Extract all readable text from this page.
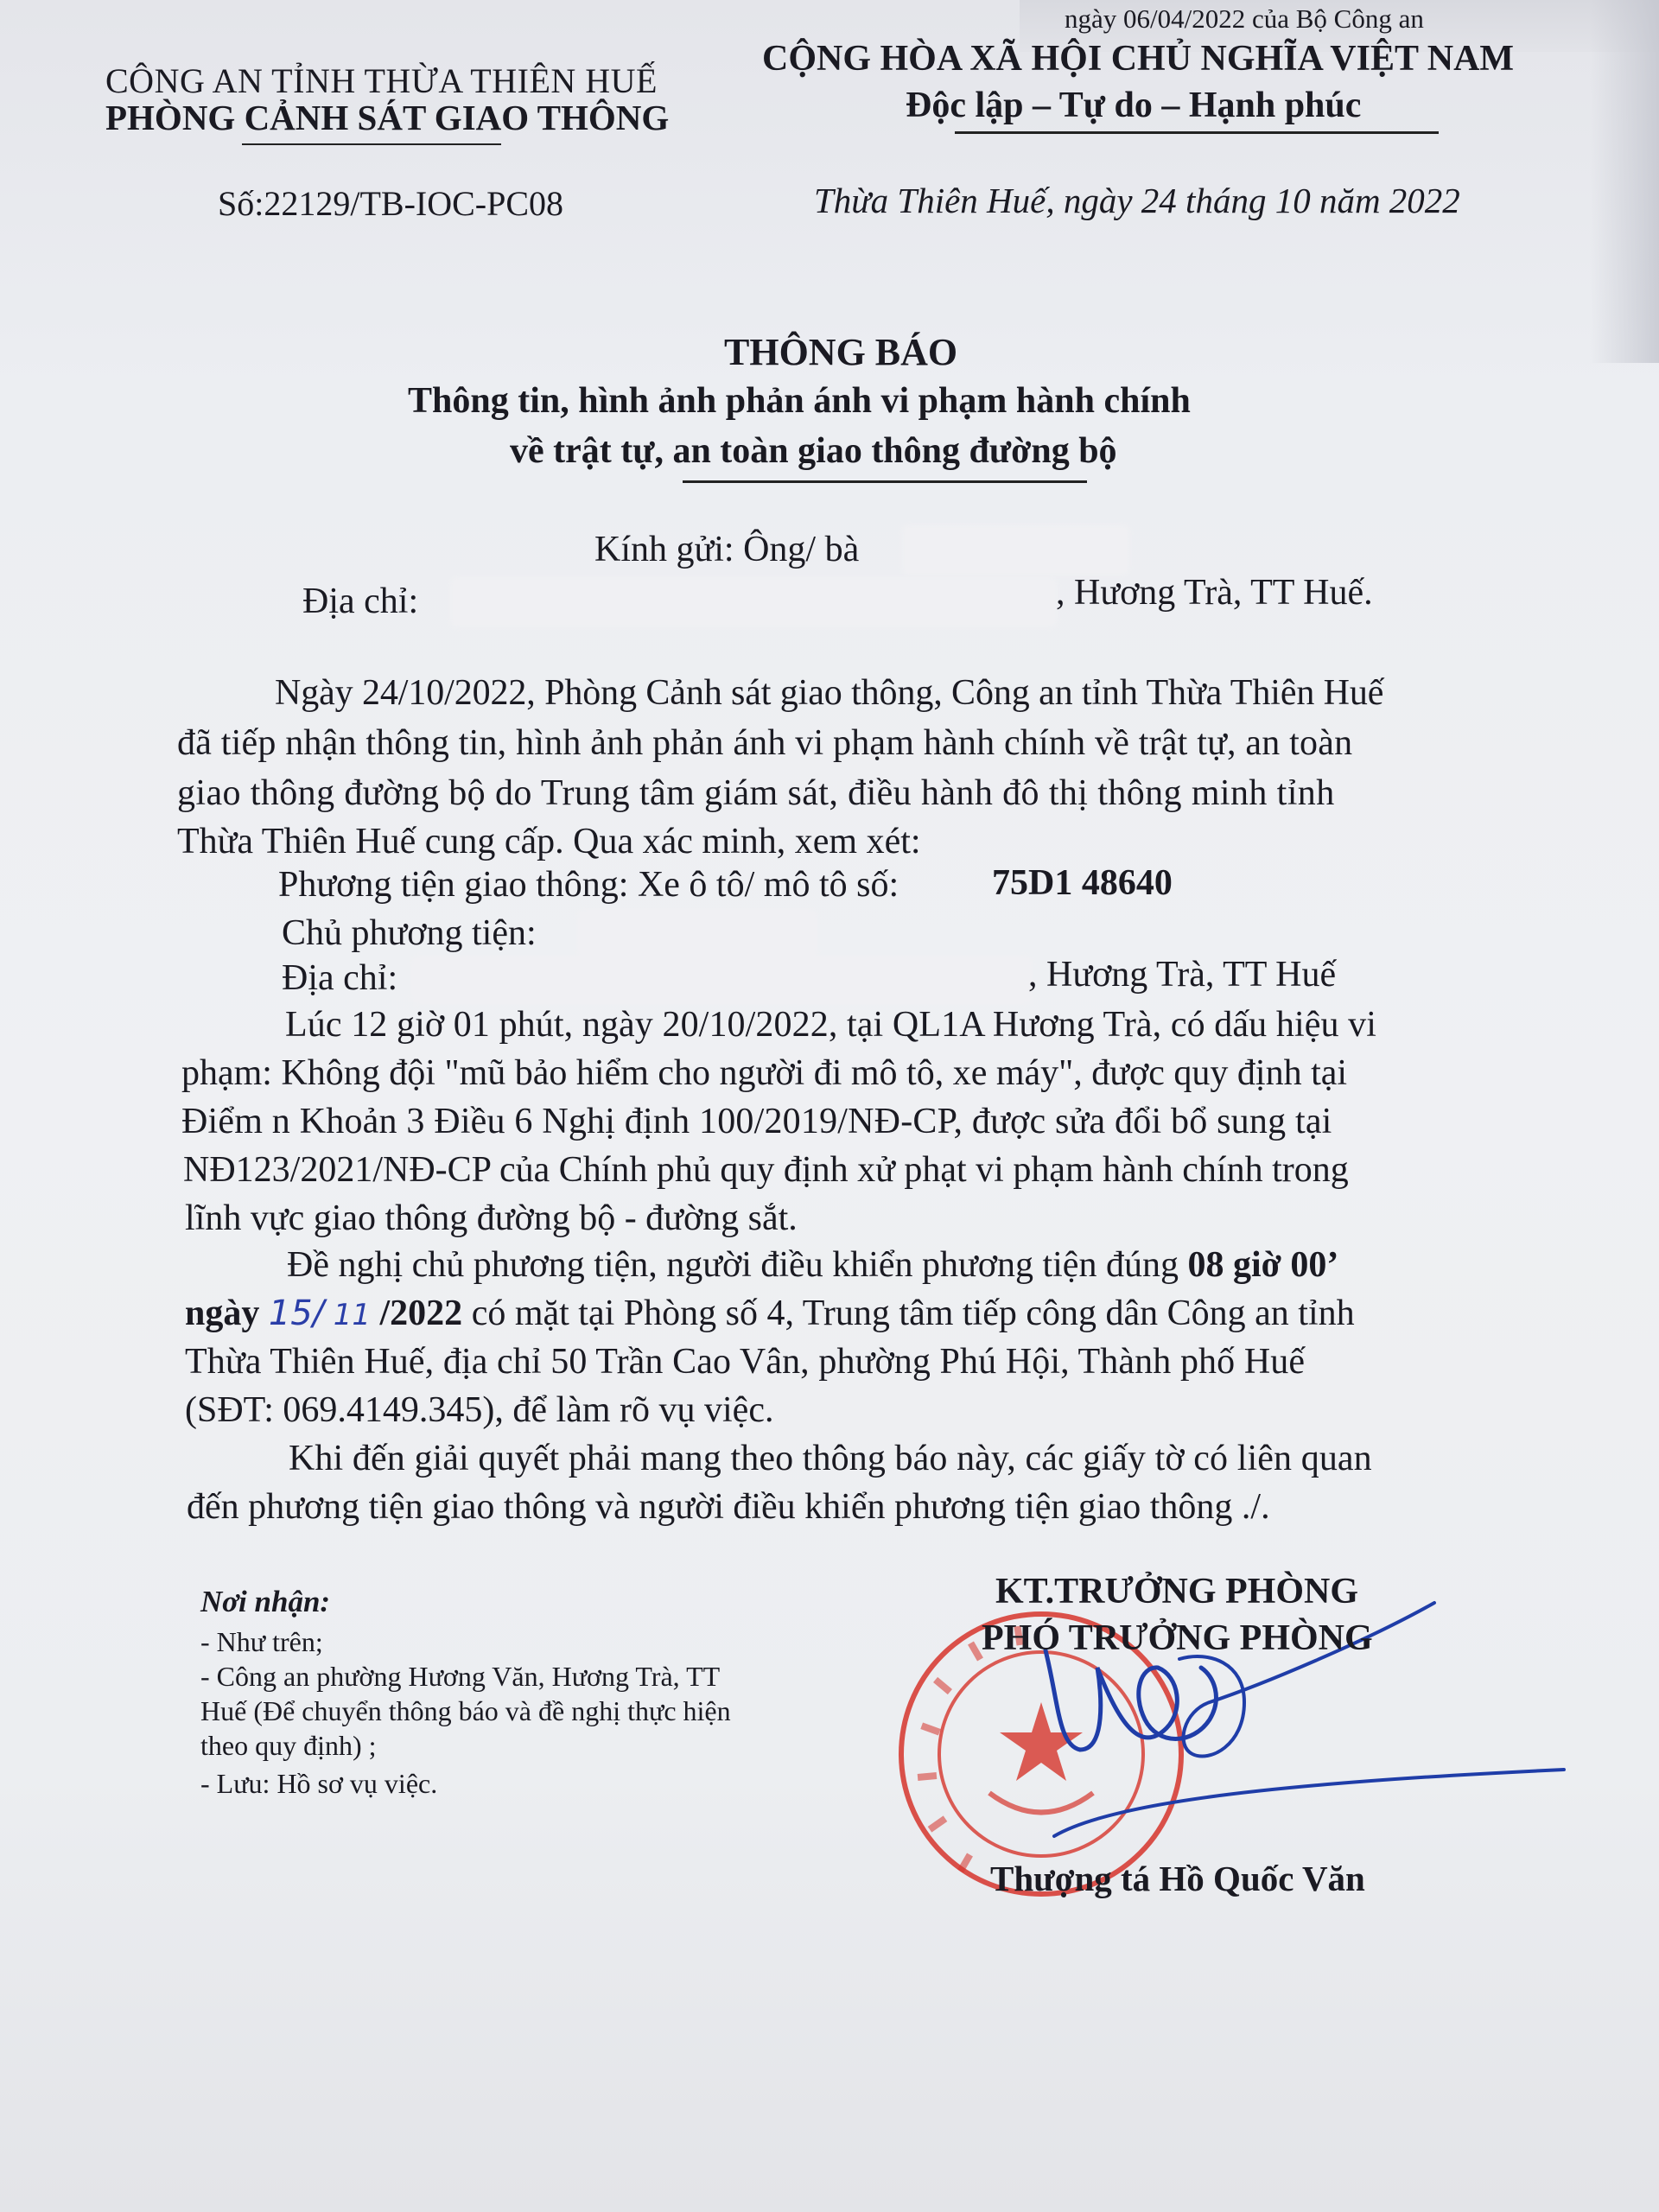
ngày 06/04/2022 của Bộ Công an
CÔNG AN TỈNH THỪA THIÊN HUẾ
PHÒNG CẢNH SÁT GIAO THÔNG
Số:22129/TB-IOC-PC08
CỘNG HÒA XÃ HỘI CHỦ NGHĨA VIỆT NAM
Độc lập – Tự do – Hạnh phúc
Thừa Thiên Huế, ngày 24 tháng 10 năm 2022
THÔNG BÁO
Thông tin, hình ảnh phản ánh vi phạm hành chính
về trật tự, an toàn giao thông đường bộ
Kính gửi: Ông/ bà
Địa chỉ:	, Hương Trà, TT Huế.
Ngày 24/10/2022, Phòng Cảnh sát giao thông, Công an tỉnh Thừa Thiên Huế
đã tiếp nhận thông tin, hình ảnh phản ánh vi phạm hành chính về trật tự, an toàn
giao thông đường bộ do Trung tâm giám sát, điều hành đô thị thông minh tỉnh
Thừa Thiên Huế cung cấp. Qua xác minh, xem xét:
Phương tiện giao thông: Xe ô tô/ mô tô số:	75D1 48640
Chủ phương tiện:
Địa chỉ:	, Hương Trà, TT Huế
Lúc 12 giờ 01 phút, ngày 20/10/2022, tại QL1A Hương Trà, có dấu hiệu vi
phạm: Không đội "mũ bảo hiểm cho người đi mô tô, xe máy", được quy định tại
Điểm n Khoản 3 Điều 6 Nghị định 100/2019/NĐ-CP, được sửa đổi bổ sung tại
NĐ123/2021/NĐ-CP của Chính phủ quy định xử phạt vi phạm hành chính trong
lĩnh vực giao thông đường bộ - đường sắt.
Đề nghị chủ phương tiện, người điều khiển phương tiện đúng 08 giờ 00’
ngày 15/ 11 /2022 có mặt tại Phòng số 4, Trung tâm tiếp công dân Công an tỉnh
Thừa Thiên Huế, địa chỉ 50 Trần Cao Vân, phường Phú Hội, Thành phố Huế
(SĐT: 069.4149.345), để làm rõ vụ việc.
Khi đến giải quyết phải mang theo thông báo này, các giấy tờ có liên quan
đến phương tiện giao thông và người điều khiển phương tiện giao thông ./.
Nơi nhận:
- Như trên;
- Công an phường Hương Văn, Hương Trà, TT
Huế (Để chuyển thông báo và đề nghị thực hiện
theo quy định) ;
- Lưu: Hồ sơ vụ việc.
KT.TRƯỞNG PHÒNG
PHÓ TRƯỞNG PHÒNG
Thượng tá Hồ Quốc Văn
